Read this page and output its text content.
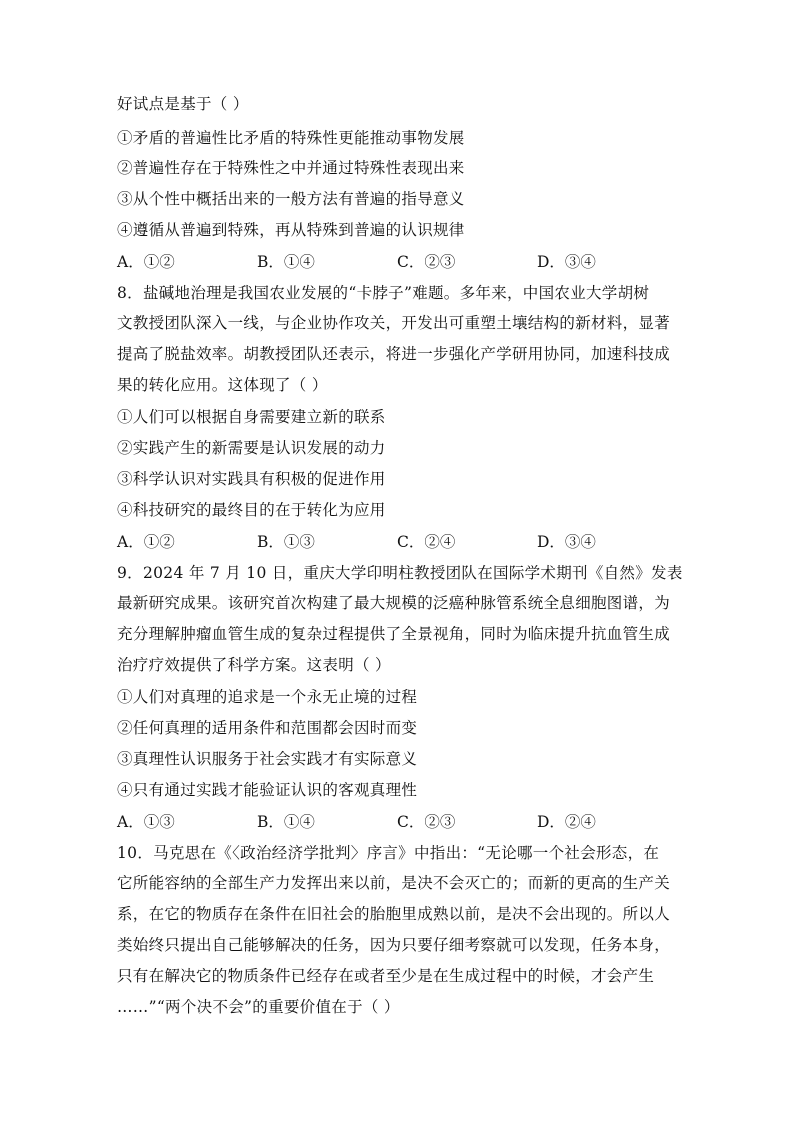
好试点是基于（ ）
①矛盾的普遍性比矛盾的特殊性更能推动事物发展
②普遍性存在于特殊性之中并通过特殊性表现出来
③从个性中概括出来的一般方法有普遍的指导意义
④遵循从普遍到特殊，再从特殊到普遍的认识规律
A．①②	B．①④	C．②③	D．③④
8．盐碱地治理是我国农业发展的“卡脖子”难题。多年来，中国农业大学胡树
文教授团队深入一线，与企业协作攻关，开发出可重塑土壤结构的新材料，显著
提高了脱盐效率。胡教授团队还表示，将进一步强化产学研用协同，加速科技成
果的转化应用。这体现了（ ）
①人们可以根据自身需要建立新的联系
②实践产生的新需要是认识发展的动力
③科学认识对实践具有积极的促进作用
④科技研究的最终目的在于转化为应用
A．①②	B．①③	C．②④	D．③④
9．2024 年 7 月 10 日，重庆大学印明柱教授团队在国际学术期刊《自然》发表
最新研究成果。该研究首次构建了最大规模的泛癌种脉管系统全息细胞图谱，为
充分理解肿瘤血管生成的复杂过程提供了全景视角，同时为临床提升抗血管生成
治疗疗效提供了科学方案。这表明（ ）
①人们对真理的追求是一个永无止境的过程
②任何真理的适用条件和范围都会因时而变
③真理性认识服务于社会实践才有实际意义
④只有通过实践才能验证认识的客观真理性
A．①③	B．①④	C．②③	D．②④
10．马克思在《〈政治经济学批判〉序言》中指出：“无论哪一个社会形态，在
它所能容纳的全部生产力发挥出来以前，是决不会灭亡的；而新的更高的生产关
系，在它的物质存在条件在旧社会的胎胞里成熟以前，是决不会出现的。所以人
类始终只提出自己能够解决的任务，因为只要仔细考察就可以发现，任务本身，
只有在解决它的物质条件已经存在或者至少是在生成过程中的时候，才会产生
……”“两个决不会”的重要价值在于（ ）
